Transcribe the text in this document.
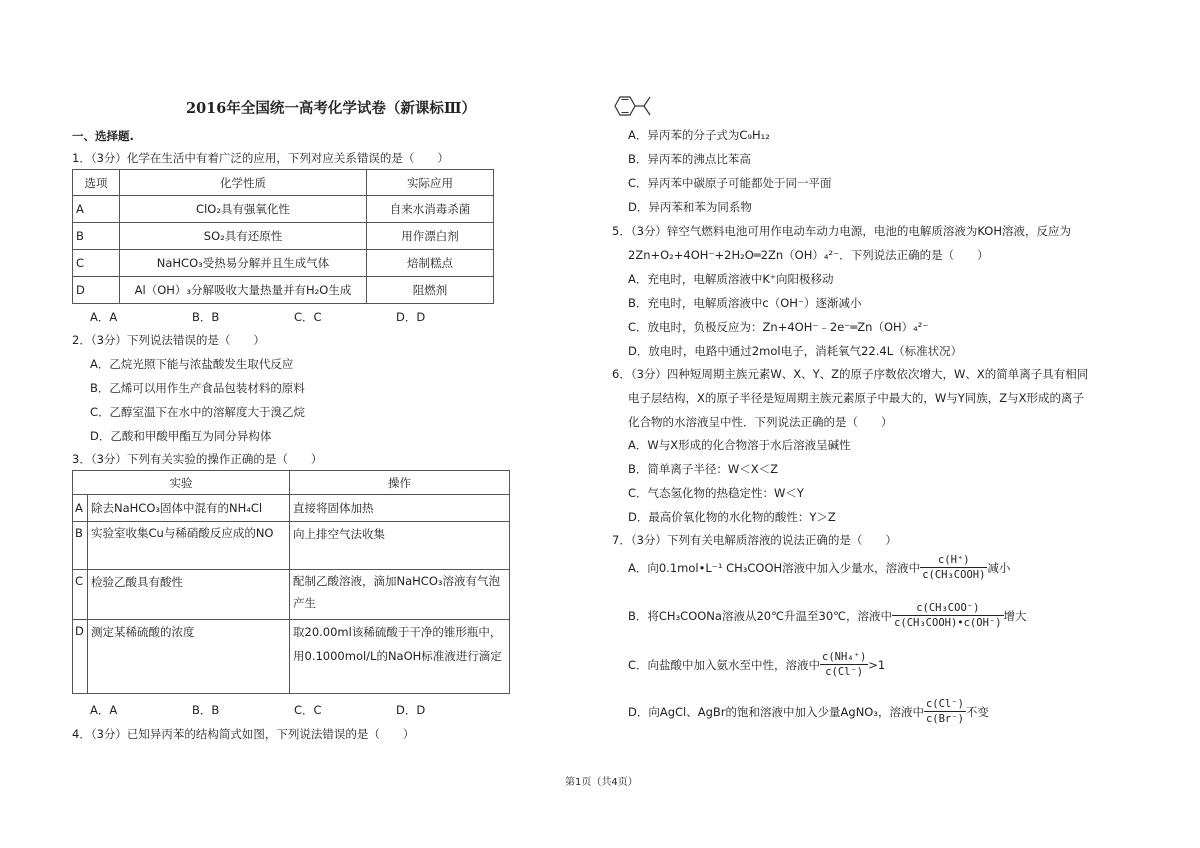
2016年全国统一高考化学试卷（新课标Ⅲ）
一、选择题.
1．（3分）化学在生活中有着广泛的应用，下列对应关系错误的是（　　）
选项	化学性质	实际应用
A	ClO₂具有强氧化性	自来水消毒杀菌
B	SO₂具有还原性	用作漂白剂
C	NaHCO₃受热易分解并且生成气体	焙制糕点
D	Al（OH）₃分解吸收大量热量并有H₂O生成	阻燃剂
A．A	B．B	C．C	D．D
2．（3分）下列说法错误的是（　　）
A．乙烷光照下能与浓盐酸发生取代反应
B．乙烯可以用作生产食品包装材料的原料
C．乙醇室温下在水中的溶解度大于溴乙烷
D．乙酸和甲酸甲酯互为同分异构体
3．（3分）下列有关实验的操作正确的是（　　）
实验		操作
A	除去NaHCO₃固体中混有的NH₄Cl	直接将固体加热
B	实验室收集Cu与稀硝酸反应成的NO	向上排空气法收集
C	检验乙酸具有酸性	配制乙酸溶液，滴加NaHCO₃溶液有气泡产生
D	测定某稀硫酸的浓度	取20.00ml该稀硫酸于干净的锥形瓶中，用0.1000mol/L的NaOH标准液进行滴定
A．A	B．B	C．C	D．D
4．（3分）已知异丙苯的结构简式如图，下列说法错误的是（　　）
A．异丙苯的分子式为C₉H₁₂
B．异丙苯的沸点比苯高
C．异丙苯中碳原子可能都处于同一平面
D．异丙苯和苯为同系物
5．（3分）锌空气燃料电池可用作电动车动力电源，电池的电解质溶液为KOH溶液，反应为
2Zn+O₂+4OH⁻+2H₂O═2Zn（OH）₄²⁻．下列说法正确的是（　　）
A．充电时，电解质溶液中K⁺向阳极移动
B．充电时，电解质溶液中c（OH⁻）逐渐减小
C．放电时，负极反应为：Zn+4OH⁻﹣2e⁻═Zn（OH）₄²⁻
D．放电时，电路中通过2mol电子，消耗氧气22.4L（标准状况）
6．（3分）四种短周期主族元素W、X、Y、Z的原子序数依次增大，W、X的简单离子具有相同
电子层结构，X的原子半径是短周期主族元素原子中最大的，W与Y同族，Z与X形成的离子
化合物的水溶液呈中性．下列说法正确的是（　　）
A．W与X形成的化合物溶于水后溶液呈碱性
B．简单离子半径：W＜X＜Z
C．气态氢化物的热稳定性：W＜Y
D．最高价氧化物的水化物的酸性：Y＞Z
7．（3分）下列有关电解质溶液的说法正确的是（　　）
A．向0.1mol•L⁻¹ CH₃COOH溶液中加入少量水，溶液中 $\frac{c(H^+)}{\text{c(CH₃COOH)}}$ 减小
B．将CH₃COONa溶液从20℃升温至30℃，溶液中 $\frac{\text{c(CH₃COO⁻)}}{\text{c(CH₃COOH)•c(OH⁻)}}$ 增大
C．向盐酸中加入氨水至中性，溶液中 $\frac{\text{c(NH₄⁺)}}{c(Cl^-)} >1$
D．向AgCl、AgBr的饱和溶液中加入少量AgNO₃，溶液中 $\frac{c(Cl^-)}{c(Br^-)}$ 不变
第1页（共4页）
